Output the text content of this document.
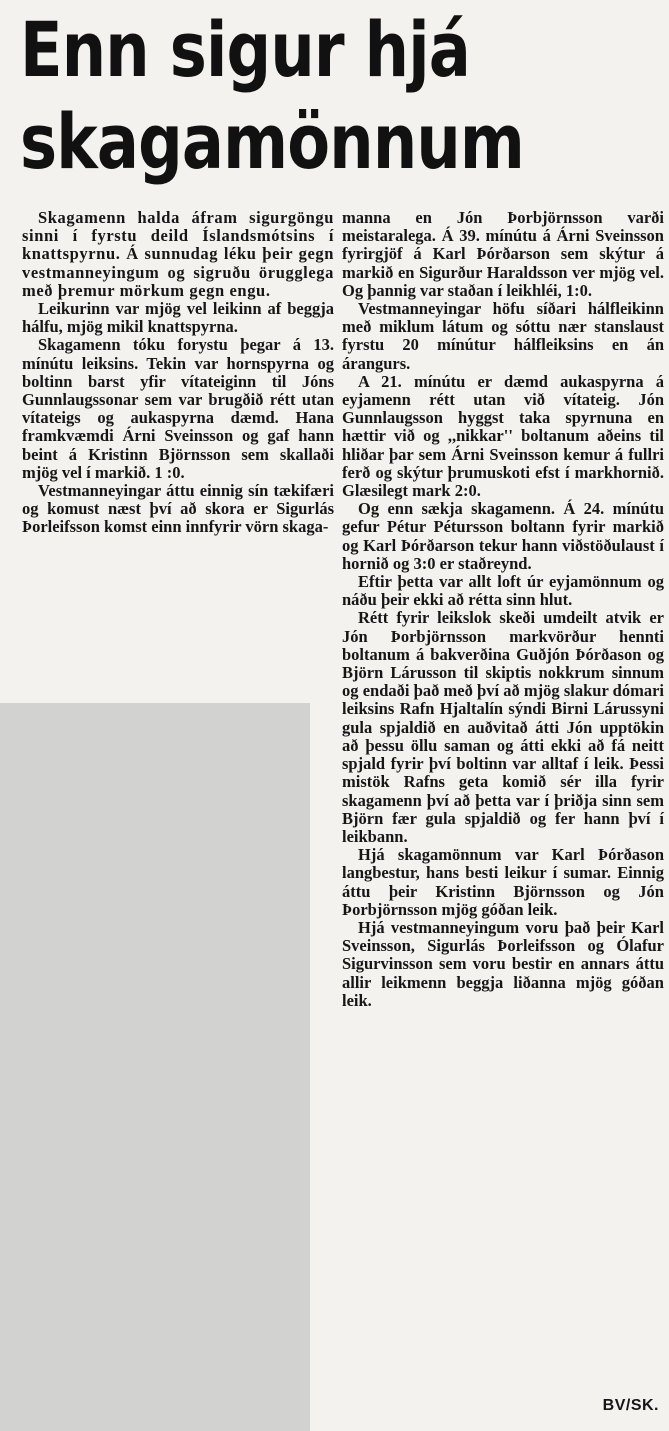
Enn sigur hjá
skagamönnum

Skagamenn halda áfram sigurgöngu sinni í fyrstu deild Íslandsmótsins í knattspyrnu. Á sunnudag léku þeir gegn vestmanneyingum og sigruðu örugglega með þremur mörkum gegn engu.

Leikurinn var mjög vel leikinn af beggja hálfu, mjög mikil knattspyrna.

Skagamenn tóku forystu þegar á 13. mínútu leiksins. Tekin var hornspyrna og boltinn barst yfir vítateiginn til Jóns Gunnlaugssonar sem var brugðið rétt utan vítateigs og aukaspyrna dæmd. Hana framkvæmdi Árni Sveinsson og gaf hann beint á Kristinn Björnsson sem skallaði mjög vel í markið. 1 :0.

Vestmanneyingar áttu einnig sín tækifæri og komust næst því að skora er Sigurlás Þorleifsson komst einn innfyrir vörn skaga-

manna en Jón Þorbjörnsson varði meistaralega. Á 39. mínútu á Árni Sveinsson fyrirgjöf á Karl Þórðarson sem skýtur á markið en Sigurður Haraldsson ver mjög vel. Og þannig var staðan í leikhléi, 1:0.

Vestmanneyingar höfu síðari hálfleikinn með miklum látum og sóttu nær stanslaust fyrstu 20 mínútur hálfleiksins en án árangurs.

A 21. mínútu er dæmd aukaspyrna á eyjamenn rétt utan við vítateig. Jón Gunnlaugsson hyggst taka spyrnuna en hættir við og ,,nikkar'' boltanum aðeins til hliðar þar sem Árni Sveinsson kemur á fullri ferð og skýtur þrumuskoti efst í markhornið. Glæsilegt mark 2:0.

Og enn sækja skagamenn. Á 24. mínútu gefur Pétur Pétursson boltann fyrir markið og Karl Þórðarson tekur hann viðstöðulaust í hornið og 3:0 er staðreynd.

Eftir þetta var allt loft úr eyjamönnum og náðu þeir ekki að rétta sinn hlut.

Rétt fyrir leikslok skeði umdeilt atvik er Jón Þorbjörnsson markvörður hennti boltanum á bakverðina Guðjón Þórðason og Björn Lárusson til skiptis nokkrum sinnum og endaði það með því að mjög slakur dómari leiksins Rafn Hjaltalín sýndi Birni Lárussyni gula spjaldið en auðvitað átti Jón upptökin að þessu öllu saman og átti ekki að fá neitt spjald fyrir því boltinn var alltaf í leik. Þessi mistök Rafns geta komið sér illa fyrir skagamenn því að þetta var í þriðja sinn sem Björn fær gula spjaldið og fer hann því í leikbann.

Hjá skagamönnum var Karl Þórðason langbestur, hans besti leikur í sumar. Einnig áttu þeir Kristinn Björnsson og Jón Þorbjörnsson mjög góðan leik.

Hjá vestmanneyingum voru það þeir Karl Sveinsson, Sigurlás Þorleifsson og Ólafur Sigurvinsson sem voru bestir en annars áttu allir leikmenn beggja liðanna mjög góðan leik.

BV/SK.
